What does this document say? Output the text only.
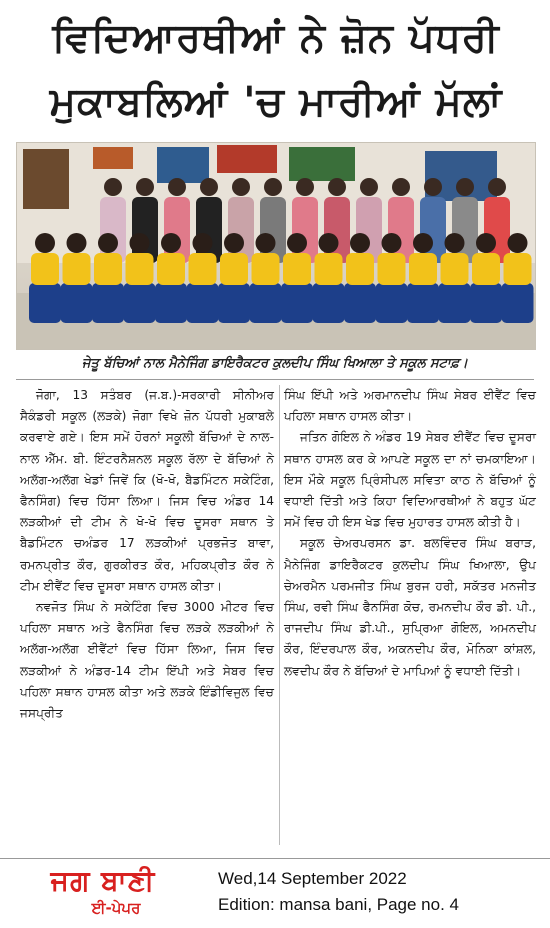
ਵਿਦਿਆਰਥੀਆਂ ਨੇ ਜ਼ੋਨ ਪੱਧਰੀ
ਮੁਕਾਬਲਿਆਂ 'ਚ ਮਾਰੀਆਂ ਮੱਲਾਂ
ਜੇਤੂ ਬੱਚਿਆਂ ਨਾਲ ਮੈਨੇਜਿੰਗ ਡਾਇਰੈਕਟਰ ਕੁਲਦੀਪ ਸਿੰਘ ਖਿਆਲਾ ਤੇ ਸਕੂਲ ਸਟਾਫ਼।

ਜੋਗਾ, 13 ਸਤੰਬਰ (ਜ.ਬ.)-ਸਰਕਾਰੀ ਸੀਨੀਅਰ ਸੈਕੰਡਰੀ ਸਕੂਲ (ਲੜਕੇ) ਜੋਗਾ ਵਿਖੇ ਜ਼ੋਨ ਪੱਧਰੀ ਮੁਕਾਬਲੇ ਕਰਵਾਏ ਗਏ। ਇਸ ਸਮੇਂ ਹੋਰਨਾਂ ਸਕੂਲੀ ਬੱਚਿਆਂ ਦੇ ਨਾਲ-ਨਾਲ ਐੱਮ. ਬੀ. ਇੰਟਰਨੈਸ਼ਨਲ ਸਕੂਲ ਰੱਲਾ ਦੇ ਬੱਚਿਆਂ ਨੇ ਅਲੱਗ-ਅਲੱਗ ਖੇਡਾਂ ਜਿਵੇਂ ਕਿ (ਖੋ-ਖੋ, ਬੈਡਮਿੰਟਨ ਸਕੇਟਿੰਗ, ਫੈਨਸਿੰਗ) ਵਿਚ ਹਿੱਸਾ ਲਿਆ। ਜਿਸ ਵਿਚ ਅੰਡਰ 14 ਲੜਕੀਆਂ ਦੀ ਟੀਮ ਨੇ ਖੋ-ਖੋ ਵਿਚ ਦੂਸਰਾ ਸਥਾਨ ਤੇ ਬੈਡਮਿੰਟਨ ਚਅੰਡਰ 17 ਲੜਕੀਆਂ ਪ੍ਰਭਜੋਤ ਬਾਵਾ, ਰਮਨਪ੍ਰੀਤ ਕੌਰ, ਗੁਰਕੀਰਤ ਕੌਰ, ਮਹਿਕਪ੍ਰੀਤ ਕੌਰ ਨੇ ਟੀਮ ਈਵੈਂਟ ਵਿਚ ਦੂਸਰਾ ਸਥਾਨ ਹਾਸਲ ਕੀਤਾ।

ਨਵਜੋਤ ਸਿੰਘ ਨੇ ਸਕੇਟਿੰਗ ਵਿਚ 3000 ਮੀਟਰ ਵਿਚ ਪਹਿਲਾ ਸਥਾਨ ਅਤੇ ਫੈਨਸਿੰਗ ਵਿਚ ਲੜਕੇ ਲੜਕੀਆਂ ਨੇ ਅਲੱਗ-ਅਲੱਗ ਈਵੈਂਟਾਂ ਵਿਚ ਹਿੱਸਾ ਲਿਆ, ਜਿਸ ਵਿਚ ਲੜਕੀਆਂ ਨੇ ਅੰਡਰ-14 ਟੀਮ ਇੱਪੀ ਅਤੇ ਸੇਬਰ ਵਿਚ ਪਹਿਲਾ ਸਥਾਨ ਹਾਸਲ ਕੀਤਾ ਅਤੇ ਲੜਕੇ ਇੰਡੀਵਿਜੁਲ ਵਿਚ ਜਸਪ੍ਰੀਤ

ਸਿੰਘ ਇੱਪੀ ਅਤੇ ਅਰਮਾਨਦੀਪ ਸਿੰਘ ਸੇਬਰ ਈਵੈਂਟ ਵਿਚ ਪਹਿਲਾ ਸਥਾਨ ਹਾਸਲ ਕੀਤਾ।

ਜਤਿਨ ਗੋਇਲ ਨੇ ਅੰਡਰ 19 ਸੇਬਰ ਈਵੈਂਟ ਵਿਚ ਦੂਸਰਾ ਸਥਾਨ ਹਾਸਲ ਕਰ ਕੇ ਆਪਣੇ ਸਕੂਲ ਦਾ ਨਾਂ ਚਮਕਾਇਆ। ਇਸ ਮੌਕੇ ਸਕੂਲ ਪ੍ਰਿੰਸੀਪਲ ਸਵਿਤਾ ਕਾਠ ਨੇ ਬੱਚਿਆਂ ਨੂੰ ਵਧਾਈ ਦਿੱਤੀ ਅਤੇ ਕਿਹਾ ਵਿਦਿਆਰਥੀਆਂ ਨੇ ਬਹੁਤ ਘੱਟ ਸਮੇਂ ਵਿਚ ਹੀ ਇਸ ਖੇਡ ਵਿਚ ਮੁਹਾਰਤ ਹਾਸਲ ਕੀਤੀ ਹੈ।

ਸਕੂਲ ਚੇਅਰਪਰਸਨ ਡਾ. ਬਲਵਿੰਦਰ ਸਿੰਘ ਬਰਾੜ, ਮੈਨੇਜਿੰਗ ਡਾਇਰੈਕਟਰ ਕੁਲਦੀਪ ਸਿੰਘ ਖਿਆਲਾ, ਉਪ ਚੇਅਰਮੈਨ ਪਰਮਜੀਤ ਸਿੰਘ ਬੁਰਜ ਹਰੀ, ਸਕੱਤਰ ਮਨਜੀਤ ਸਿੰਘ, ਰਵੀ ਸਿੰਘ ਫੈਨਸਿੰਗ ਕੋਚ, ਰਮਨਦੀਪ ਕੌਰ ਡੀ. ਪੀ., ਰਾਜਦੀਪ ਸਿੰਘ ਡੀ.ਪੀ., ਸੁਪ੍ਰਿਆ ਗੋਇਲ, ਅਮਨਦੀਪ ਕੌਰ, ਇੰਦਰਪਾਲ ਕੌਰ, ਅਕਨਦੀਪ ਕੌਰ, ਮੋਨਿਕਾ ਕਾਂਸ਼ਲ, ਲਵਦੀਪ ਕੌਰ ਨੇ ਬੱਚਿਆਂ ਦੇ ਮਾਪਿਆਂ ਨੂੰ ਵਧਾਈ ਦਿੱਤੀ।

ਜਗ ਬਾਣੀ
ਈ-ਪੇਪਰ
Wed,14 September 2022
Edition: mansa bani, Page no. 4
